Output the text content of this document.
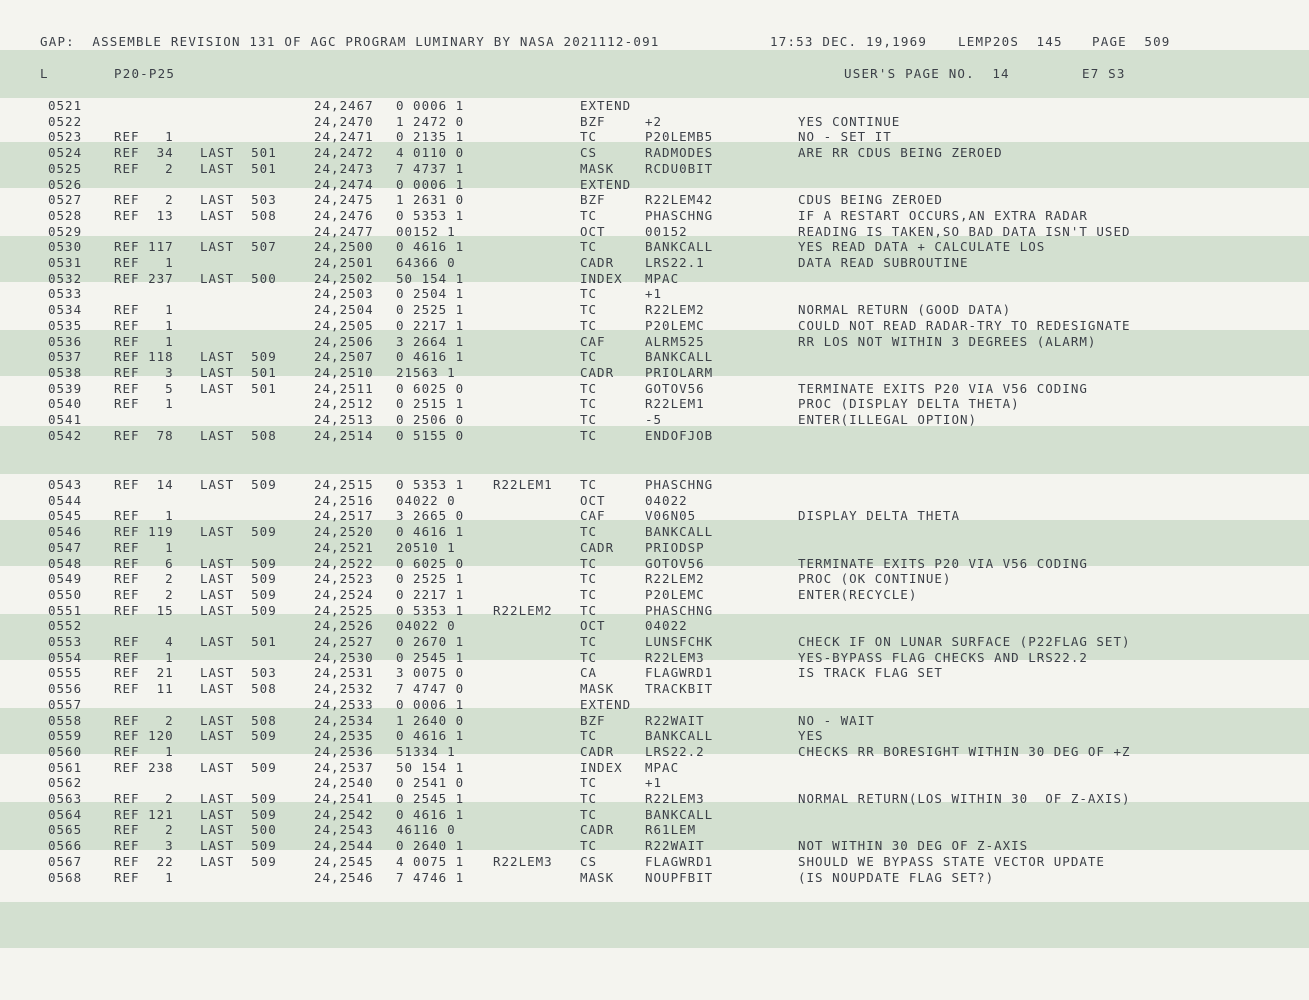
GAP:  ASSEMBLE REVISION 131 OF AGC PROGRAM LUMINARY BY NASA 2021112-091

	17:53 DEC. 19,1969

LEMP20S  145

PAGE  509

L

	P20-P25

	USER'S PAGE NO.  14

	E7 S3

0521	24,2467 0 0006 1	EXTEND
0522	24,2470 1 2472 0	BZF	+2	YES CONTINUE
0523	REF   1	24,2471 0 2135 1	TC	P20LEMB5	NO - SET IT
0524	REF  34 LAST  501	24,2472 4 0110 0	CS	RADMODES	ARE RR CDUS BEING ZEROED
0525	REF   2 LAST  501	24,2473 7 4737 1	MASK RCDU0BIT
0526	24,2474 0 0006 1	EXTEND
0527	REF   2 LAST  503	24,2475 1 2631 0	BZF	R22LEM42	CDUS BEING ZEROED
0528	REF  13 LAST  508	24,2476 0 5353 1	TC	PHASCHNG	IF A RESTART OCCURS,AN EXTRA RADAR
0529	24,2477 00152 1	OCT	00152	READING IS TAKEN,SO BAD DATA ISN'T USED
0530	REF 117 LAST  507	24,2500 0 4616 1	TC	BANKCALL	YES READ DATA + CALCULATE LOS
0531	REF   1	24,2501 64366 0	CADR LRS22.1	DATA READ SUBROUTINE
0532	REF 237 LAST  500	24,2502 50 154 1	INDEX MPAC
0533	24,2503 0 2504 1	TC	+1
0534	REF   1	24,2504 0 2525 1	TC	R22LEM2	NORMAL RETURN (GOOD DATA)
0535	REF   1	24,2505 0 2217 1	TC	P20LEMC	COULD NOT READ RADAR-TRY TO REDESIGNATE
0536	REF   1	24,2506 3 2664 1	CAF	ALRM525	RR LOS NOT WITHIN 3 DEGREES (ALARM)
0537	REF 118 LAST  509	24,2507 0 4616 1	TC	BANKCALL
0538	REF   3 LAST  501	24,2510 21563 1	CADR PRIOLARM
0539	REF   5 LAST  501	24,2511 0 6025 0	TC	GOTOV56	TERMINATE EXITS P20 VIA V56 CODING
0540	REF   1	24,2512 0 2515 1	TC	R22LEM1	PROC (DISPLAY DELTA THETA)
0541	24,2513 0 2506 0	TC	-5	ENTER(ILLEGAL OPTION)
0542	REF  78 LAST  508	24,2514 0 5155 0	TC	ENDOFJOB
0543	REF  14 LAST  509	24,2515 0 5353 1 R22LEM1 TC	PHASCHNG
0544	24,2516 04022 0	OCT	04022
0545	REF   1	24,2517 3 2665 0	CAF	V06N05	DISPLAY DELTA THETA
0546	REF 119 LAST  509	24,2520 0 4616 1	TC	BANKCALL
0547	REF   1	24,2521 20510 1	CADR PRIODSP
0548	REF   6 LAST  509	24,2522 0 6025 0	TC	GOTOV56	TERMINATE EXITS P20 VIA V56 CODING
0549	REF   2 LAST  509	24,2523 0 2525 1	TC	R22LEM2	PROC (OK CONTINUE)
0550	REF   2 LAST  509	24,2524 0 2217 1	TC	P20LEMC	ENTER(RECYCLE)
0551	REF  15 LAST  509	24,2525 0 5353 1 R22LEM2 TC	PHASCHNG
0552	24,2526 04022 0	OCT	04022
0553	REF   4 LAST  501	24,2527 0 2670 1	TC	LUNSFCHK	CHECK IF ON LUNAR SURFACE (P22FLAG SET)
0554	REF   1	24,2530 0 2545 1	TC	R22LEM3	YES-BYPASS FLAG CHECKS AND LRS22.2
0555	REF  21 LAST  503	24,2531 3 0075 0	CA	FLAGWRD1	IS TRACK FLAG SET
0556	REF  11 LAST  508	24,2532 7 4747 0	MASK TRACKBIT
0557	24,2533 0 0006 1	EXTEND
0558	REF   2 LAST  508	24,2534 1 2640 0	BZF	R22WAIT	NO - WAIT
0559	REF 120 LAST  509	24,2535 0 4616 1	TC	BANKCALL	YES
0560	REF   1	24,2536 51334 1	CADR LRS22.2	CHECKS RR BORESIGHT WITHIN 30 DEG OF +Z
0561	REF 238 LAST  509	24,2537 50 154 1	INDEX MPAC
0562	24,2540 0 2541 0	TC	+1
0563	REF   2 LAST  509	24,2541 0 2545 1	TC	R22LEM3	NORMAL RETURN(LOS WITHIN 30  OF Z-AXIS)
0564	REF 121 LAST  509	24,2542 0 4616 1	TC	BANKCALL
0565	REF   2 LAST  500	24,2543 46116 0	CADR R61LEM
0566	REF   3 LAST  509	24,2544 0 2640 1	TC	R22WAIT	NOT WITHIN 30 DEG OF Z-AXIS
0567	REF  22 LAST  509	24,2545 4 0075 1 R22LEM3 CS	FLAGWRD1	SHOULD WE BYPASS STATE VECTOR UPDATE
0568	REF   1	24,2546 7 4746 1	MASK NOUPFBIT	(IS NOUPDATE FLAG SET?)
